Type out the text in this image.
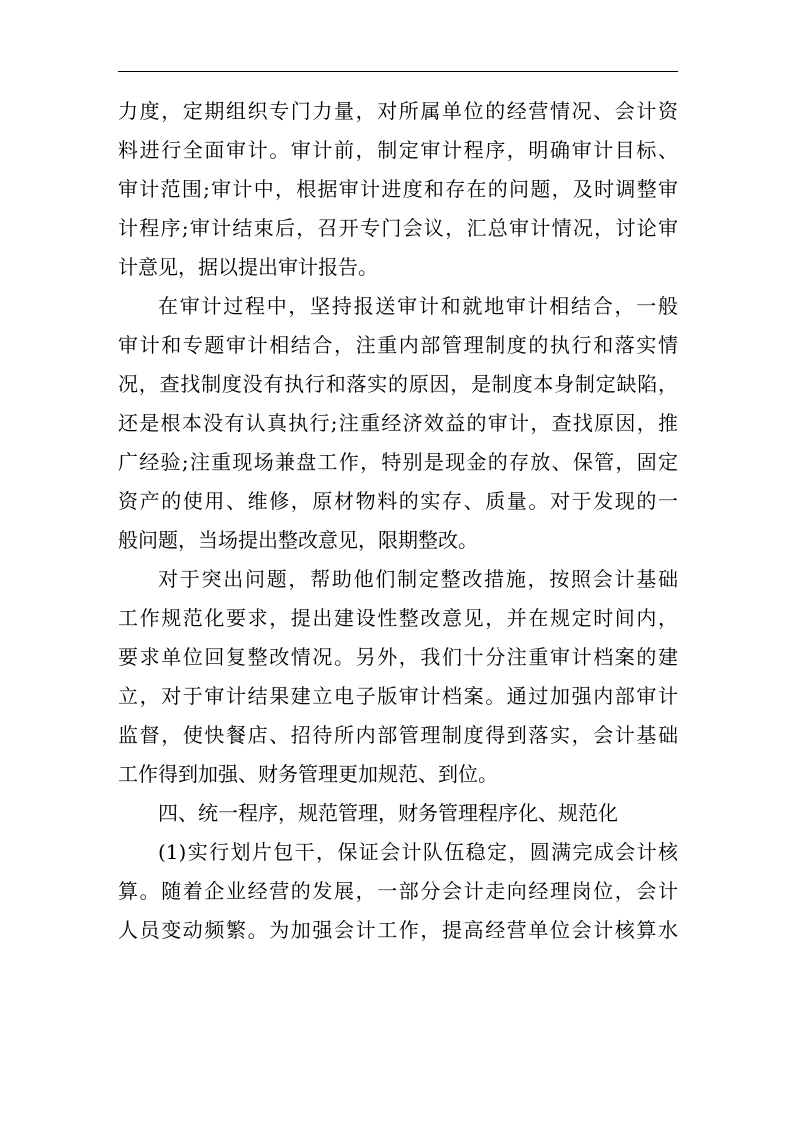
力度，定期组织专门力量，对所属单位的经营情况、会计资
料进行全面审计。审计前，制定审计程序，明确审计目标、
审计范围;审计中，根据审计进度和存在的问题，及时调整审
计程序;审计结束后，召开专门会议，汇总审计情况，讨论审
计意见，据以提出审计报告。
在审计过程中，坚持报送审计和就地审计相结合，一般
审计和专题审计相结合，注重内部管理制度的执行和落实情
况，查找制度没有执行和落实的原因，是制度本身制定缺陷，
还是根本没有认真执行;注重经济效益的审计，查找原因，推
广经验;注重现场兼盘工作，特别是现金的存放、保管，固定
资产的使用、维修，原材物料的实存、质量。对于发现的一
般问题，当场提出整改意见，限期整改。
对于突出问题，帮助他们制定整改措施，按照会计基础
工作规范化要求，提出建设性整改意见，并在规定时间内，
要求单位回复整改情况。另外，我们十分注重审计档案的建
立，对于审计结果建立电子版审计档案。通过加强内部审计
监督，使快餐店、招待所内部管理制度得到落实，会计基础
工作得到加强、财务管理更加规范、到位。
四、统一程序，规范管理，财务管理程序化、规范化
(1)实行划片包干，保证会计队伍稳定，圆满完成会计核
算。随着企业经营的发展，一部分会计走向经理岗位，会计
人员变动频繁。为加强会计工作，提高经营单位会计核算水
